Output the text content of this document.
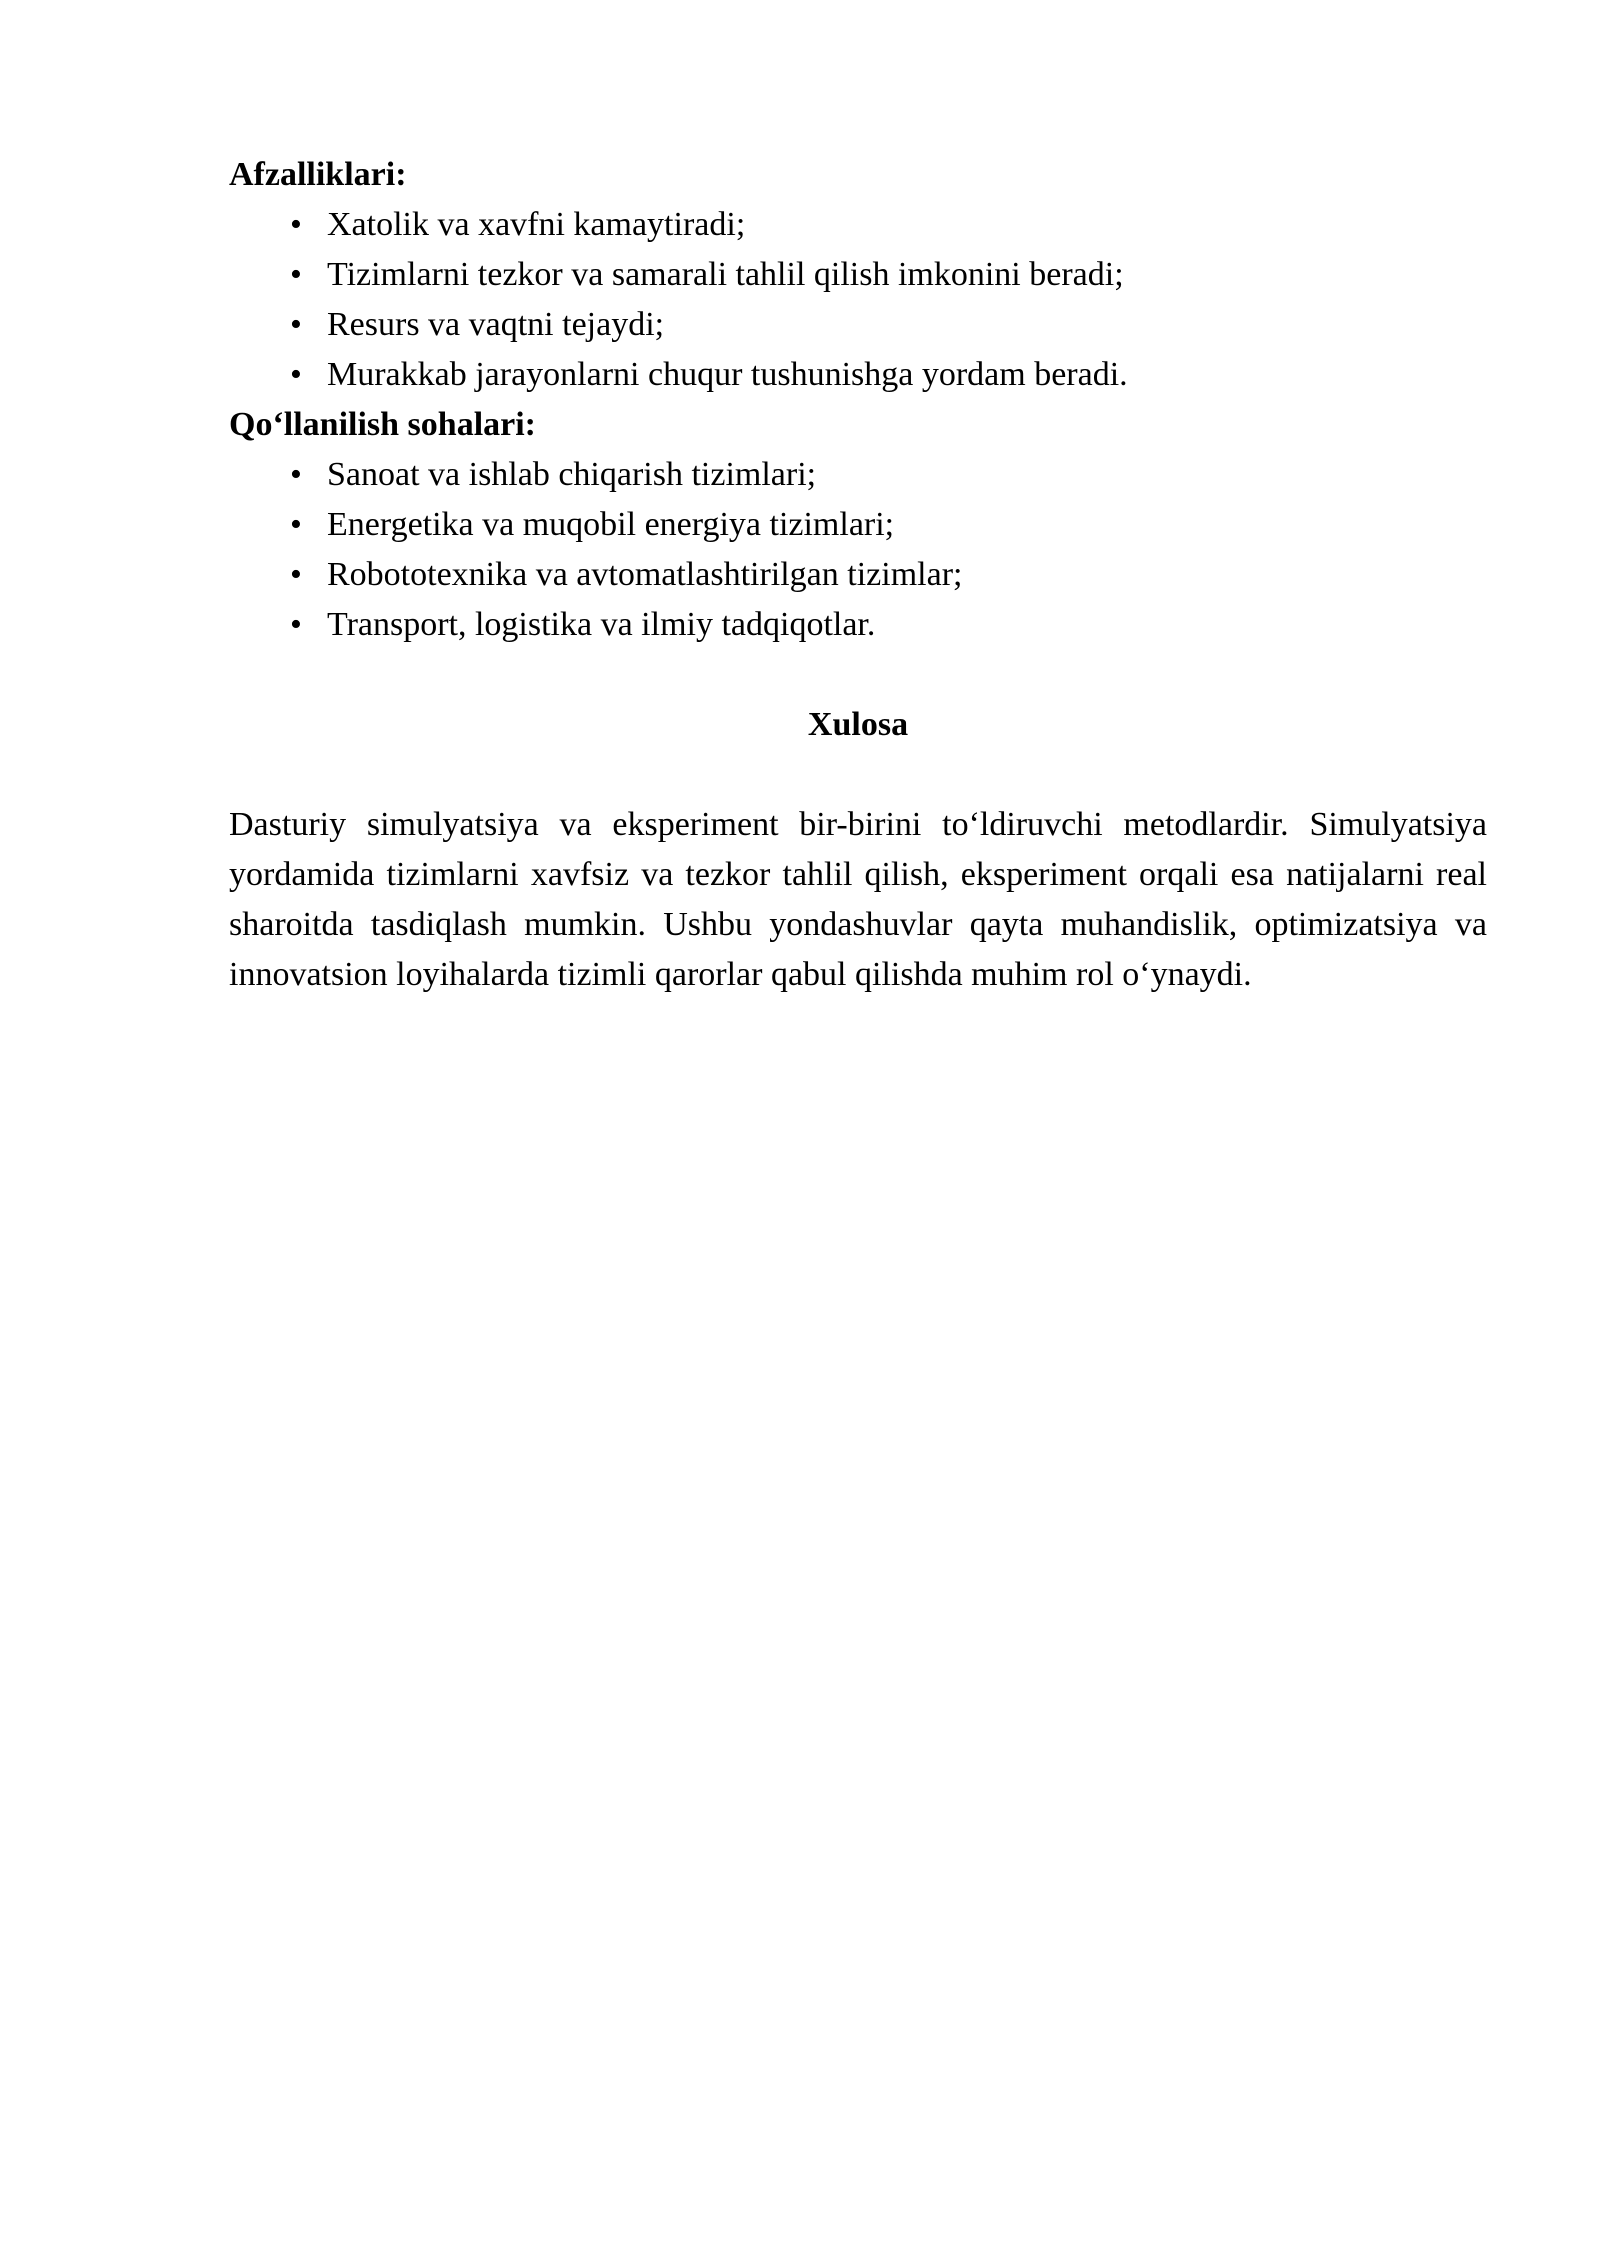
Afzalliklari:
• Xatolik va xavfni kamaytiradi;
• Tizimlarni tezkor va samarali tahlil qilish imkonini beradi;
• Resurs va vaqtni tejaydi;
• Murakkab jarayonlarni chuqur tushunishga yordam beradi.
Qo‘llanilish sohalari:
• Sanoat va ishlab chiqarish tizimlari;
• Energetika va muqobil energiya tizimlari;
• Robototexnika va avtomatlashtirilgan tizimlar;
• Transport, logistika va ilmiy tadqiqotlar.
Xulosa

Dasturiy simulyatsiya va eksperiment bir-birini to‘ldiruvchi metodlardir. Simulyatsiya yordamida tizimlarni xavfsiz va tezkor tahlil qilish, eksperiment orqali esa natijalarni real sharoitda tasdiqlash mumkin. Ushbu yondashuvlar qayta muhandislik, optimizatsiya va innovatsion loyihalarda tizimli qarorlar qabul qilishda muhim rol o‘ynaydi.
